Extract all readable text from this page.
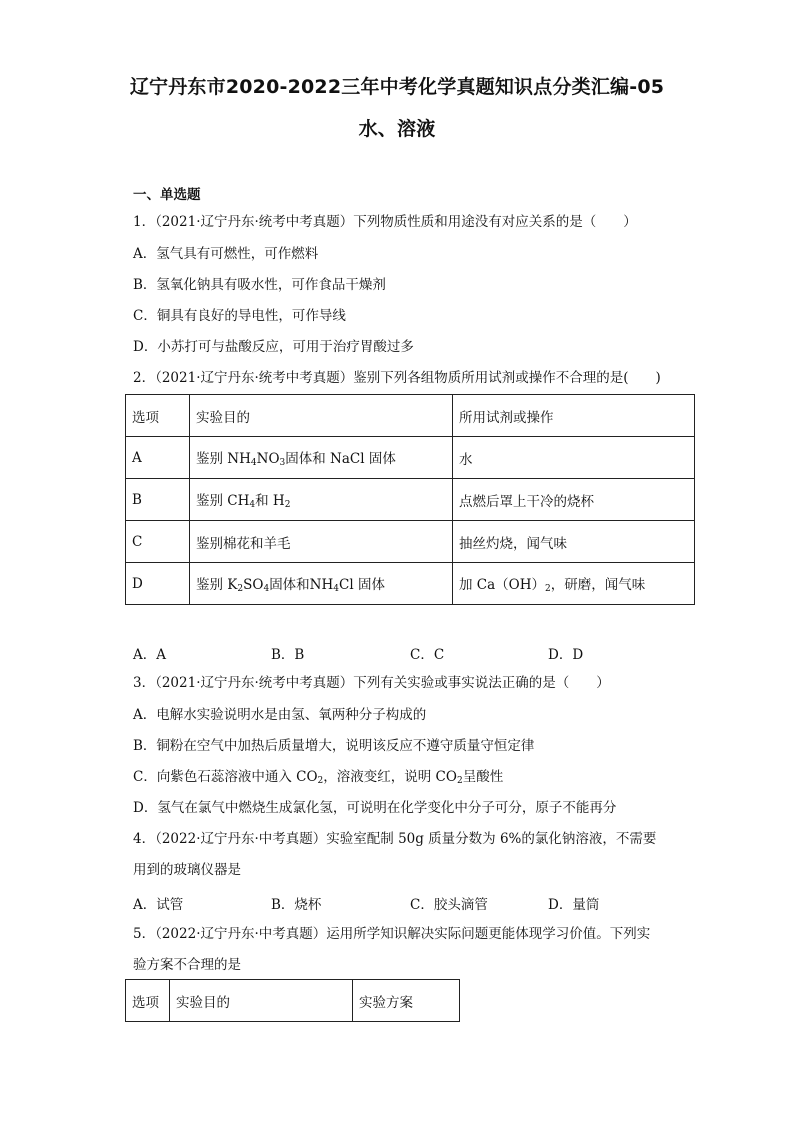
辽宁丹东市2020-2022三年中考化学真题知识点分类汇编-05
水、溶液
一、单选题
1．（2021·辽宁丹东·统考中考真题）下列物质性质和用途没有对应关系的是（　　）
A．氢气具有可燃性，可作燃料
B．氢氧化钠具有吸水性，可作食品干燥剂
C．铜具有良好的导电性，可作导线
D．小苏打可与盐酸反应，可用于治疗胃酸过多
2．（2021·辽宁丹东·统考中考真题）鉴别下列各组物质所用试剂或操作不合理的是(　　)
选项	实验目的	所用试剂或操作
A	鉴别 $NH_4NO_3$固体和 NaCl 固体	水
B	鉴别 $CH_4$和 $H_2$	点燃后罩上干冷的烧杯
C	鉴别棉花和羊毛	抽丝灼烧，闻气味
D	鉴别 $K_2SO_4$固体和$NH_4Cl$ 固体	加 $Ca(OH)_2$，研磨，闻气味
A．A	B．B	C．C	D．D
3．（2021·辽宁丹东·统考中考真题）下列有关实验或事实说法正确的是（　　）
A．电解水实验说明水是由氢、氧两种分子构成的
B．铜粉在空气中加热后质量增大，说明该反应不遵守质量守恒定律
C．向紫色石蕊溶液中通入 $CO_2$，溶液变红，说明 $CO_2$呈酸性
D．氢气在氯气中燃烧生成氯化氢，可说明在化学变化中分子可分，原子不能再分
4．（2022·辽宁丹东·中考真题）实验室配制 50g 质量分数为 6%的氯化钠溶液，不需要
用到的玻璃仪器是
A．试管	B．烧杯	C．胶头滴管	D．量筒
5．（2022·辽宁丹东·中考真题）运用所学知识解决实际问题更能体现学习价值。下列实
验方案不合理的是
选项	实验目的	实验方案
